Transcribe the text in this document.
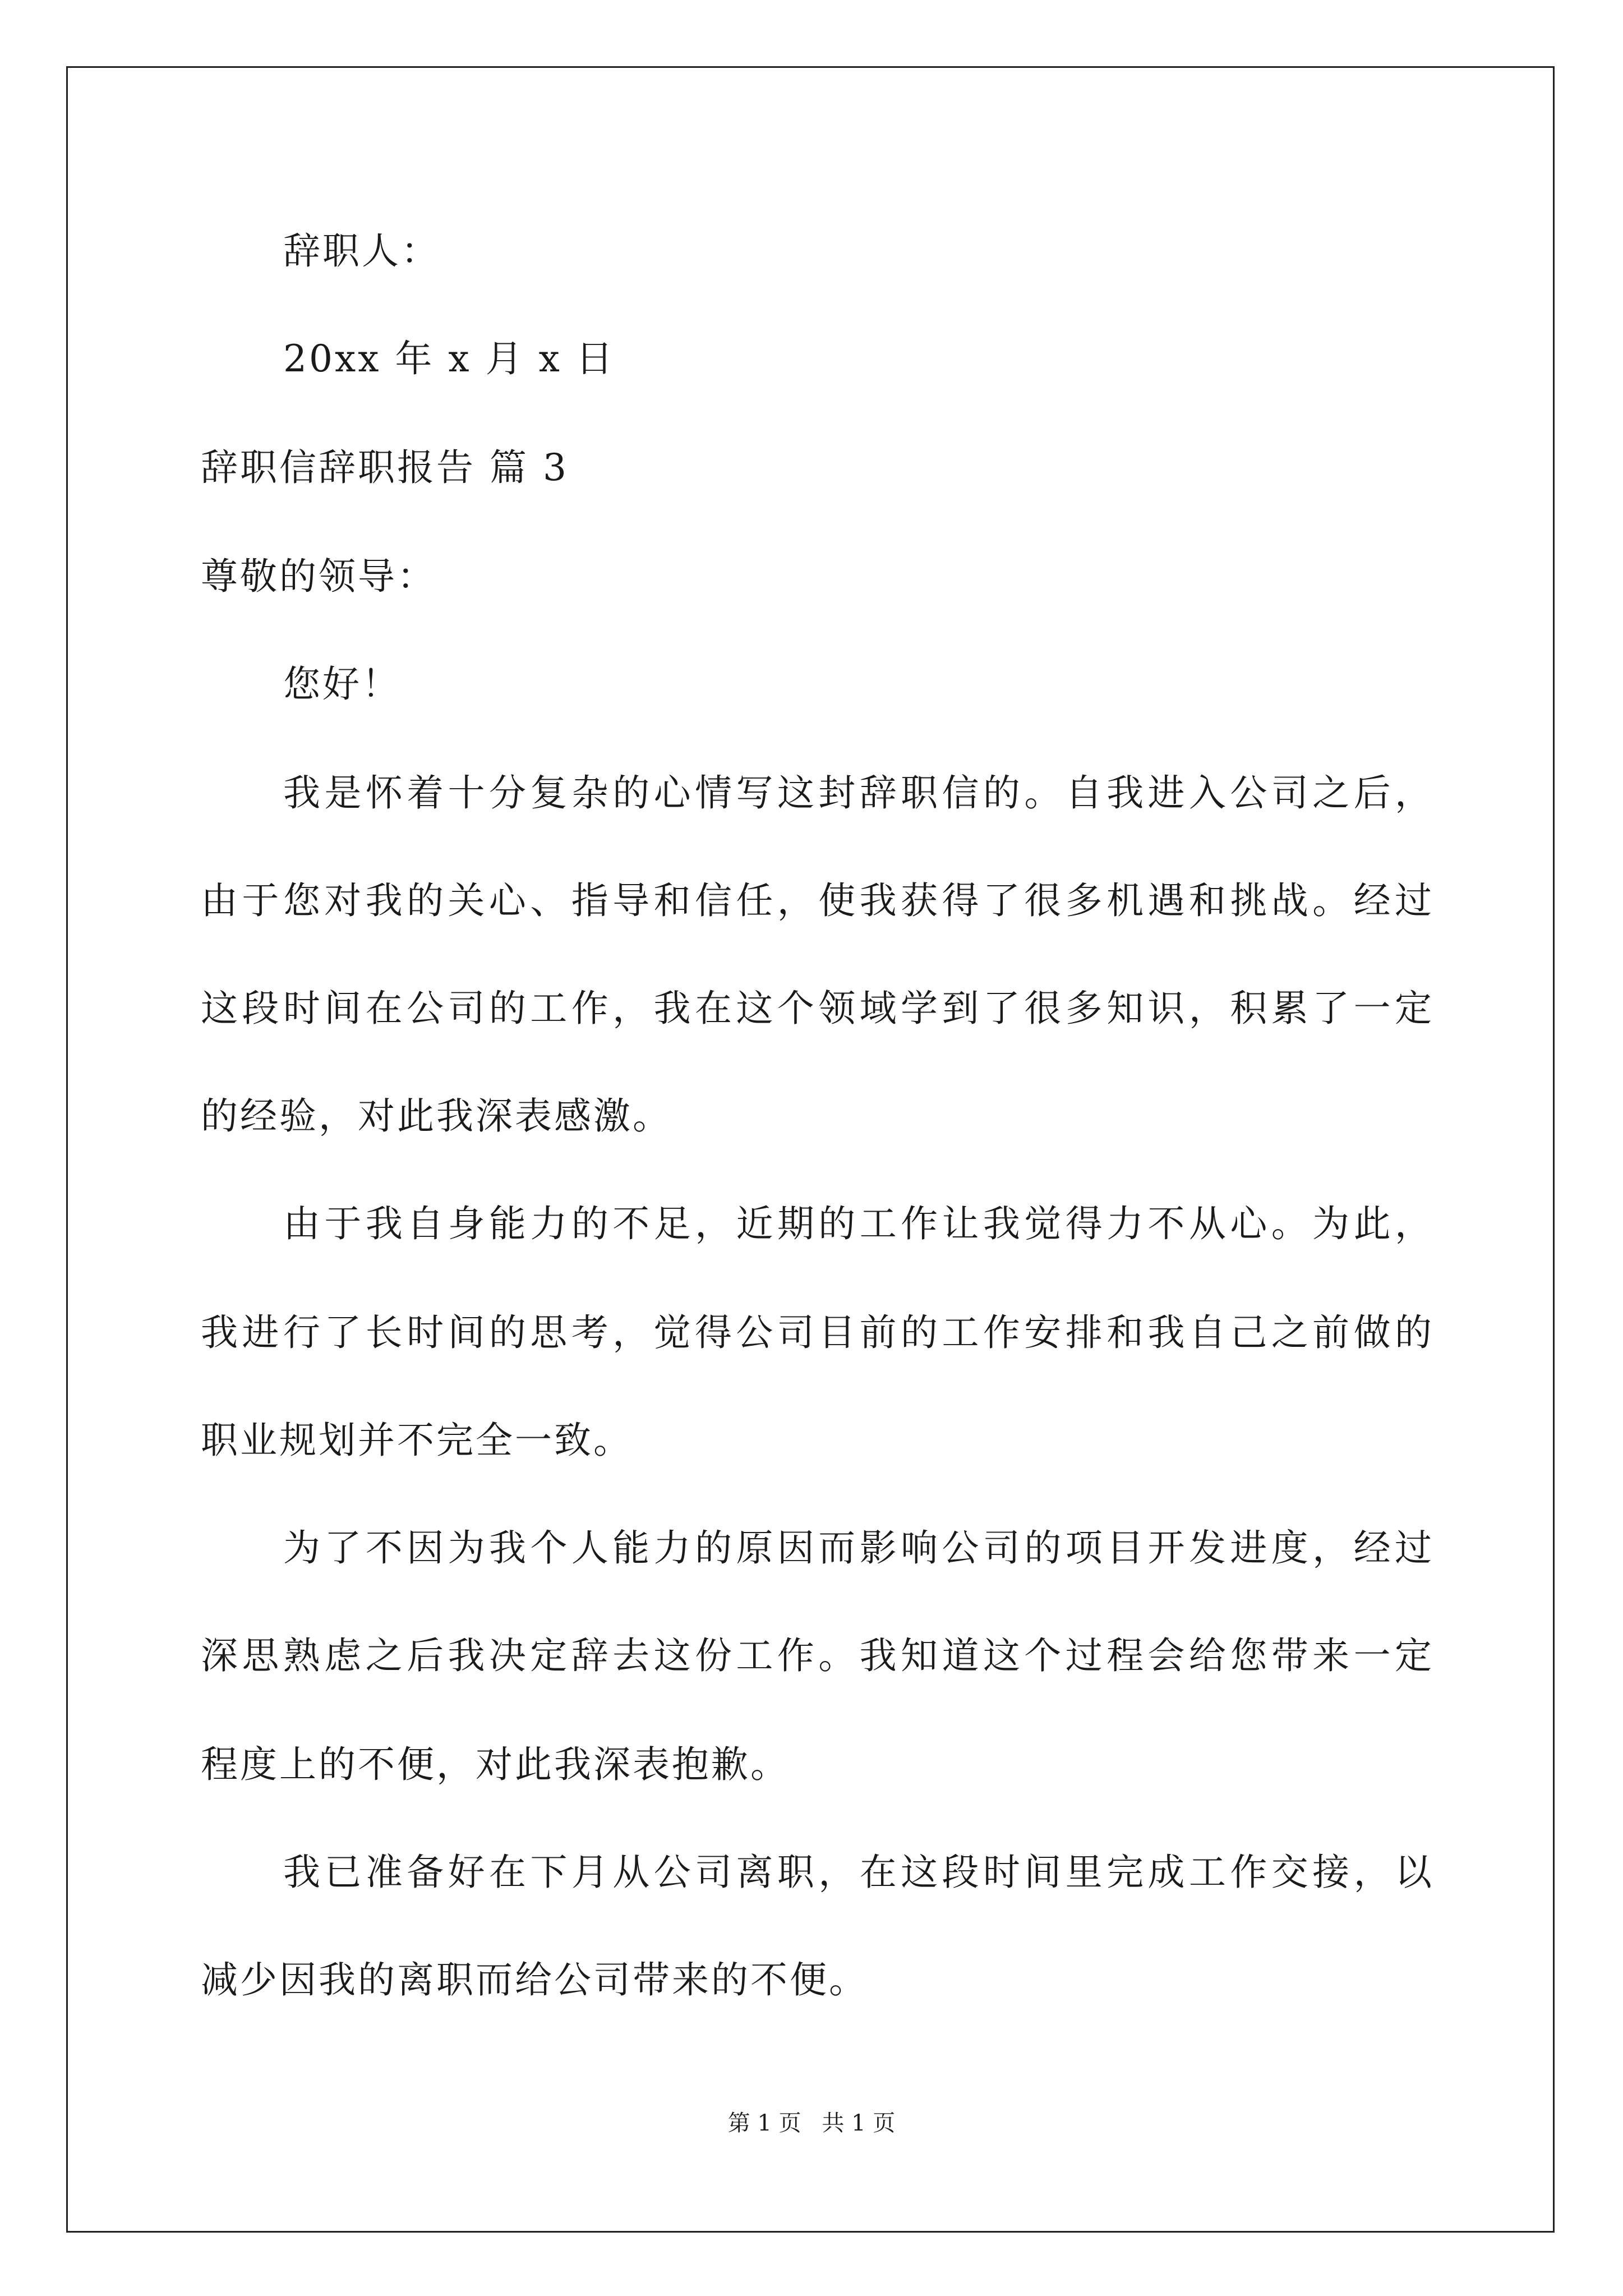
辞职人：
20xx 年 x 月 x 日
辞职信辞职报告 篇 3
尊敬的领导：
您好！
我是怀着十分复杂的心情写这封辞职信的。自我进入公司之后，
由于您对我的关心、指导和信任，使我获得了很多机遇和挑战。经过
这段时间在公司的工作，我在这个领域学到了很多知识，积累了一定
的经验，对此我深表感激。
由于我自身能力的不足，近期的工作让我觉得力不从心。为此，
我进行了长时间的思考，觉得公司目前的工作安排和我自己之前做的
职业规划并不完全一致。
为了不因为我个人能力的原因而影响公司的项目开发进度，经过
深思熟虑之后我决定辞去这份工作。我知道这个过程会给您带来一定
程度上的不便，对此我深表抱歉。
我已准备好在下月从公司离职，在这段时间里完成工作交接，以
减少因我的离职而给公司带来的不便。
第 1 页 共 1 页
